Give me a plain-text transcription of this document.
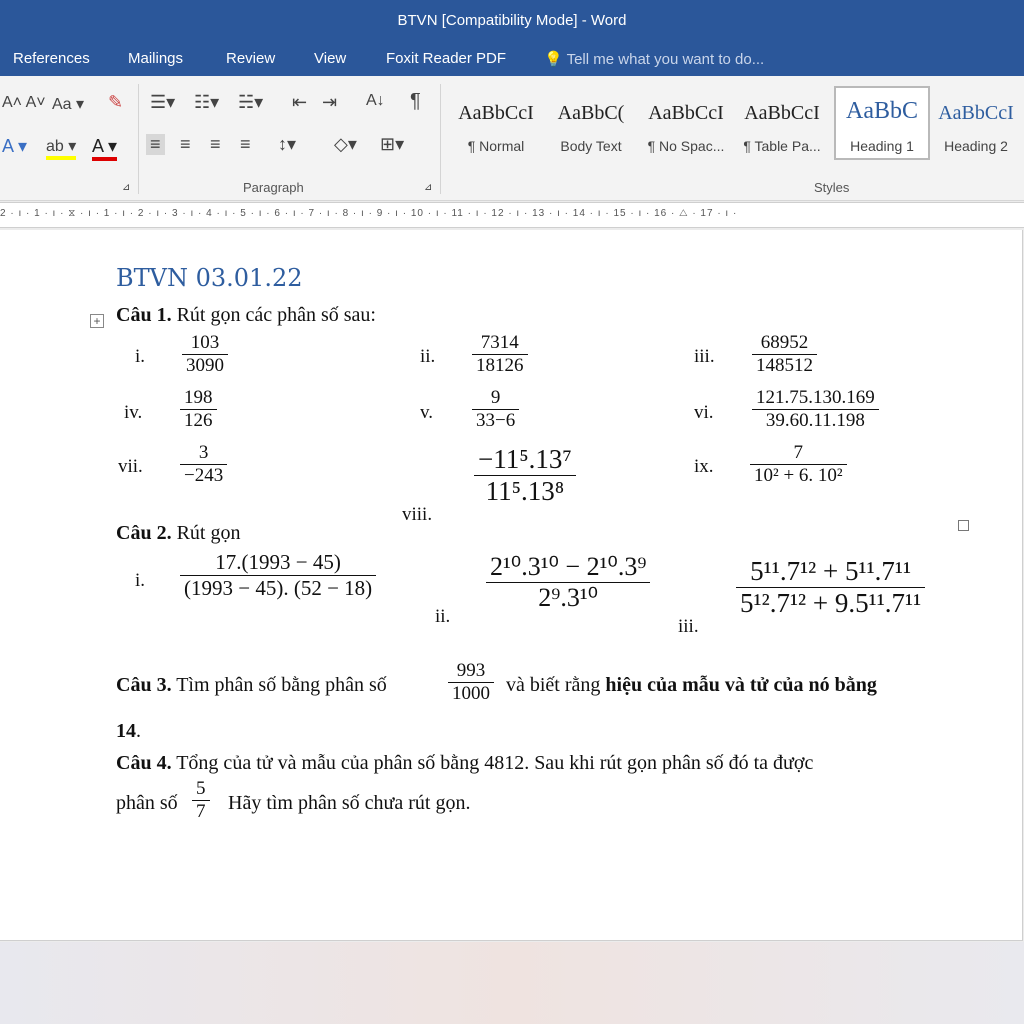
BTVN [Compatibility Mode] - Word
References	Mailings	Review	View	Foxit Reader PDF	💡 Tell me what you want to do...
A˄ A˅ Aa ▾ ✎
A ▾ ab ▾ A ▾
⊿
☰▾ ☷▾ ☵▾ ⇤ ⇥ A↓ ¶
≡ ≡ ≡ ≡ ↕▾ ◇▾ ⊞▾
Paragraph	⊿	Styles
AaBbCcI
¶ Normal
AaBbC(
Body Text
AaBbCcI
¶ No Spac...
AaBbCcI
¶ Table Pa...
AaBbC
Heading 1
AaBbCcI
Heading 2
2 · ı · 1 · ı · ⧖ · ı · 1 · ı · 2 · ı · 3 · ı · 4 · ı · 5 · ı · 6 · ı · 7 · ı · 8 · ı · 9 · ı · 10 · ı · 11 · ı · 12 · ı · 13 · ı · 14 · ı · 15 · ı · 16 · △ · 17 · ı ·
BTVN 03.01.22
+ Câu 1. Rút gọn các phân số sau:
i. $\frac{103}{3090}$	ii. $\frac{7314}{18126}$	iii. $\frac{68952}{148512}$
iv. $\frac{198}{126}$	v. $\frac{9}{33-6}$	vi. $\frac{121.75.130.169}{39.60.11.198}$
vii. $\frac{3}{-243}$
viii.
$\frac{\text{−11⁵.13⁷}}{\text{11⁵.13⁸}}$	ix. $\frac{7}{\text{10² + 6. 10²}}$
Câu 2. Rút gọn
i. $\frac{17.(1993 - 45)}{(1993 - 45). (52 - 18)}$
ii.
$\frac{\text{2¹⁰.3¹⁰ − 2¹⁰.3⁹}}{\text{2⁹.3¹⁰}}$
iii.
$\frac{\text{5¹¹.7¹² + 5¹¹.7¹¹}}{\text{5¹².7¹² + 9.5¹¹.7¹¹}}$
Câu 3. Tìm phân số bằng phân số	$\frac{993}{1000}$ và biết rằng hiệu của mẫu và tử của nó bằng
14.
Câu 4. Tổng của tử và mẫu của phân số bằng 4812. Sau khi rút gọn phân số đó ta được
phân số $\frac{5}{7}$ Hãy tìm phân số chưa rút gọn.
